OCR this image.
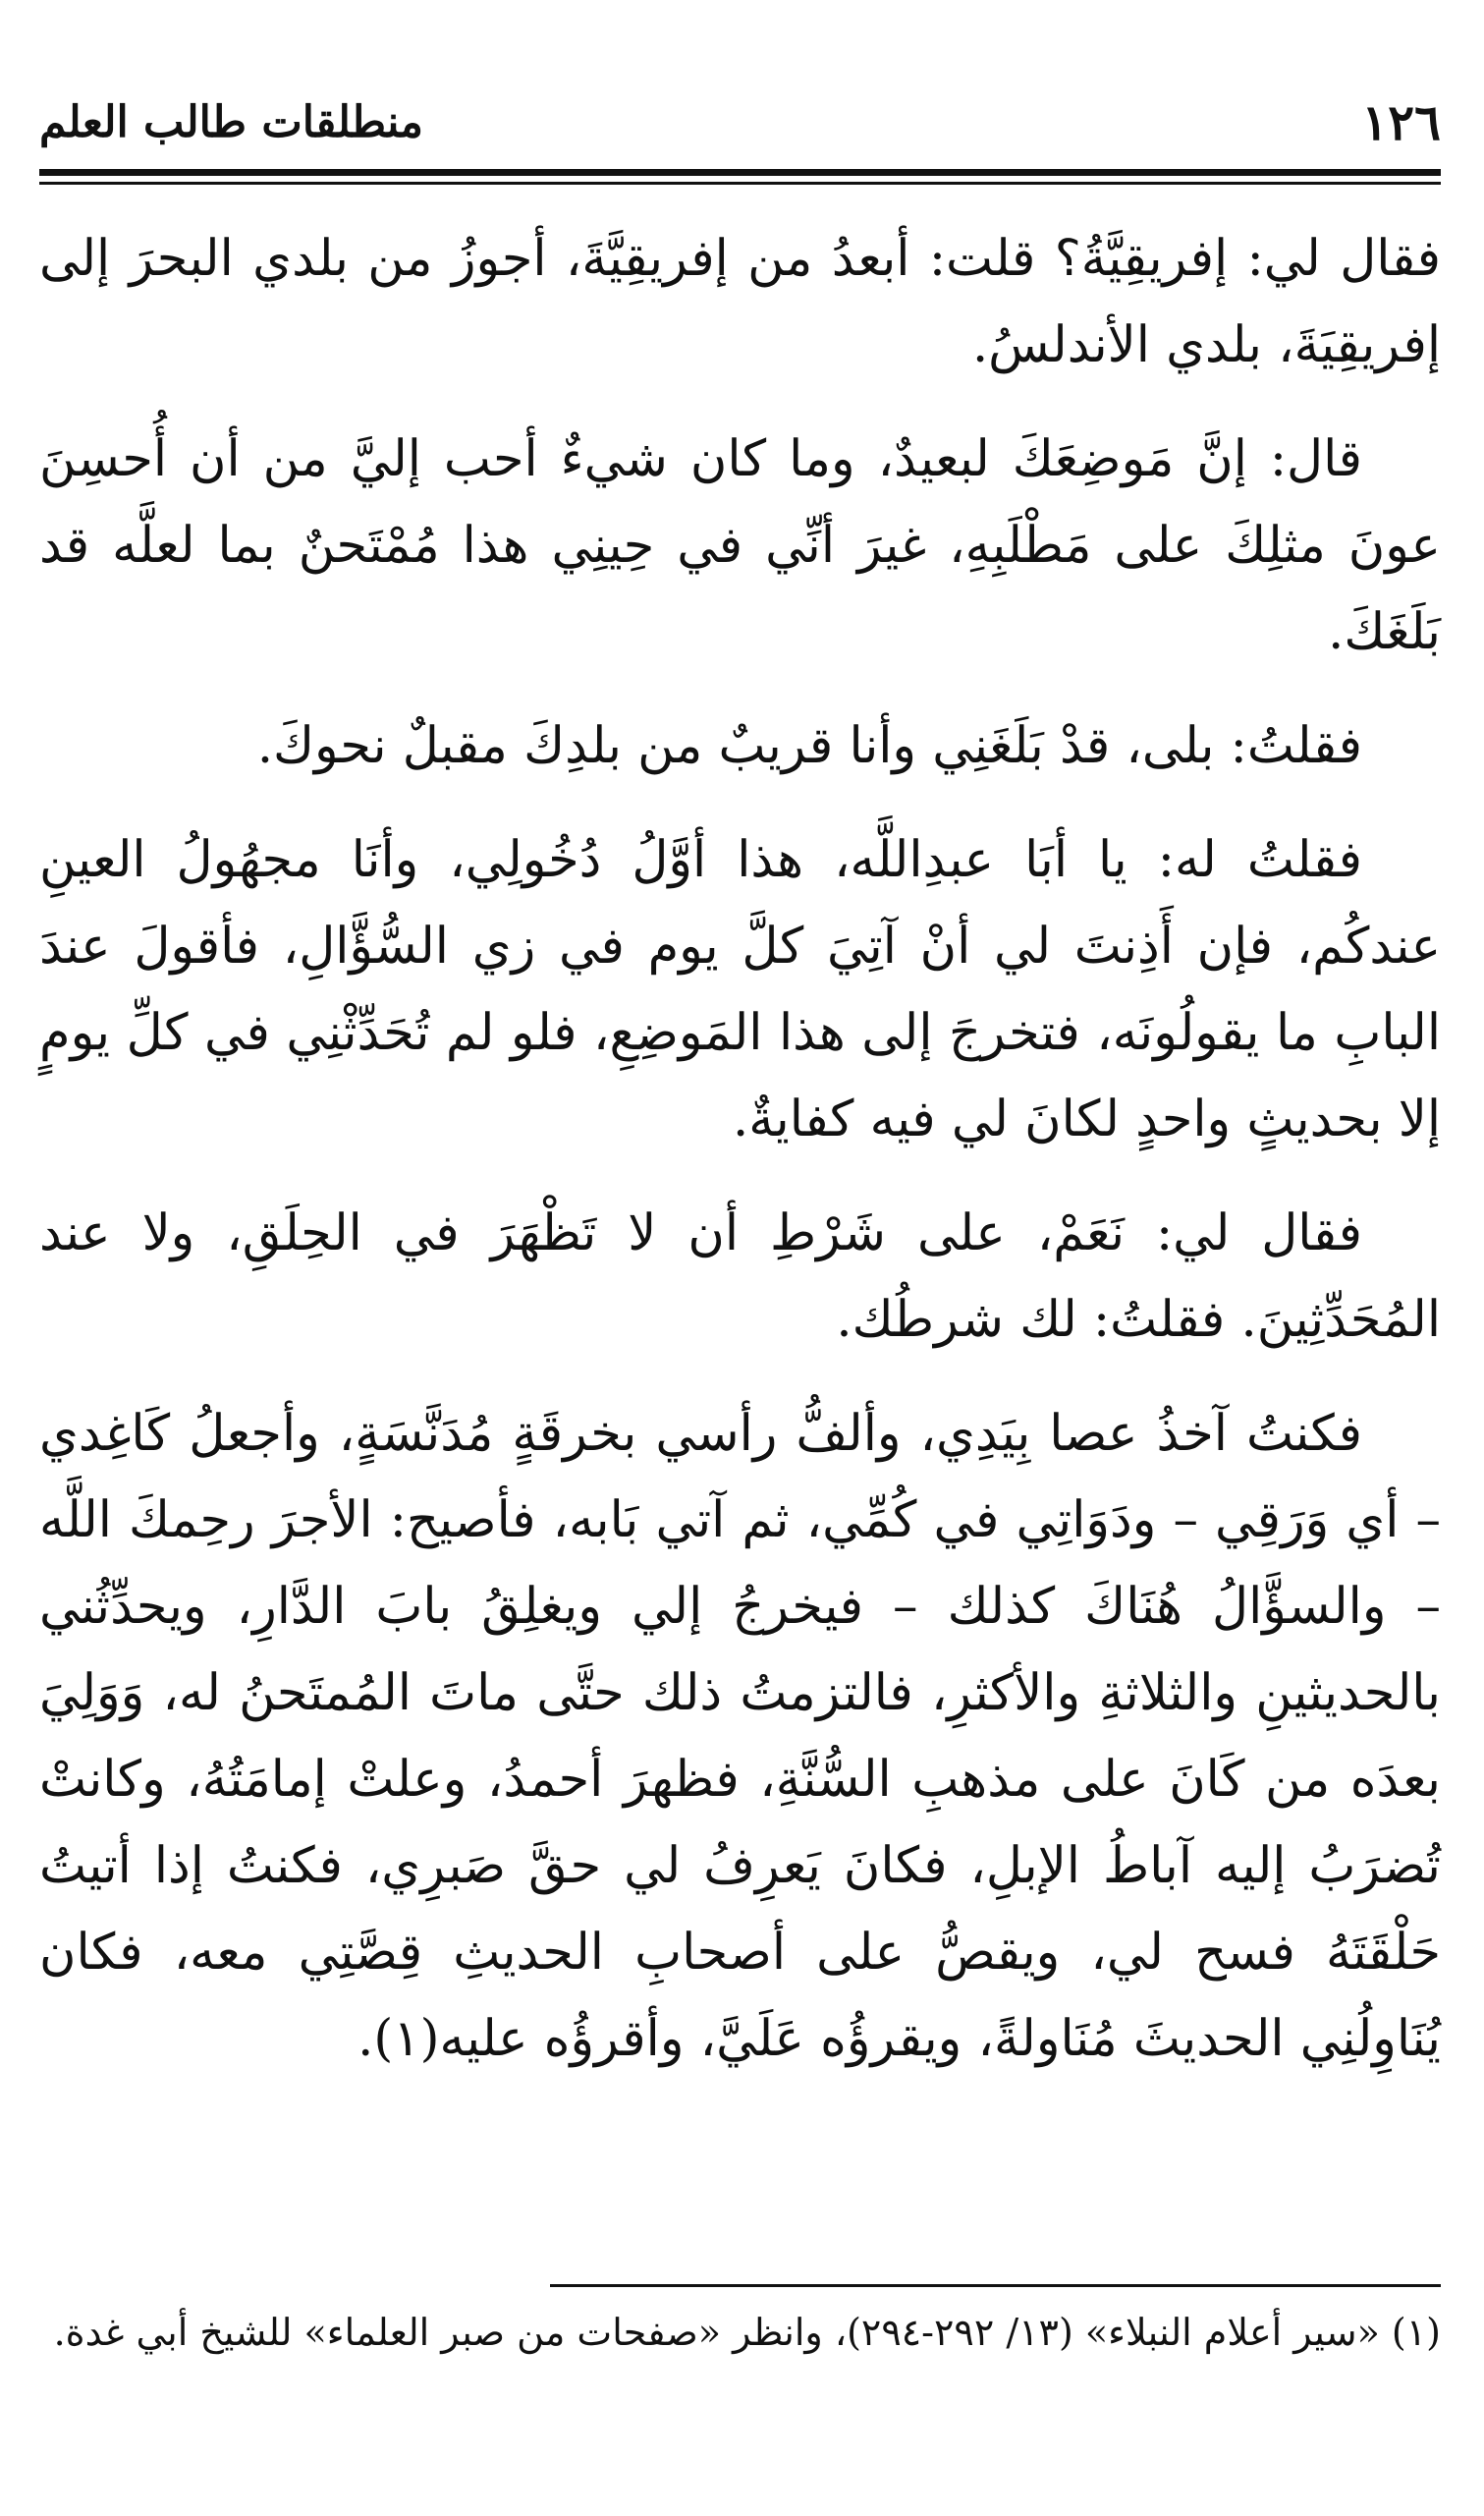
١٢٦
منطلقات طالب العلم

فقال لي: إفريقِيَّةُ؟ قلت: أبعدُ من إفريقِيَّةَ، أجوزُ من بلدي البحرَ إلى إفريقِيَةَ، بلدي الأندلسُ.

قال: إنَّ مَوضِعَكَ لبعيدٌ، وما كان شيءٌ أحب إليَّ من أن أُحسِنَ عونَ مثلِكَ على مَطْلَبِهِ، غيرَ أنِّي في حِينِي هذا مُمْتَحنٌ بما لعلَّه قد بَلَغَكَ.

فقلتُ: بلى، قدْ بَلَغَنِي وأنا قريبٌ من بلدِكَ مقبلٌ نحوكَ.

فقلتُ له: يا أبَا عبدِاللَّه، هذا أوَّلُ دُخُولِي، وأنَا مجهُولُ العينِ عندكُم، فإن أَذِنتَ لي أنْ آتِيَ كلَّ يوم في زي السُّؤَّالِ، فأقولَ عندَ البابِ ما يقولُونَه، فتخرجَ إلى هذا المَوضِعِ، فلو لم تُحَدِّثْنِي في كلِّ يومٍ إلا بحديثٍ واحدٍ لكانَ لي فيه كفايةٌ.

فقال لي: نَعَمْ، على شَرْطِ أن لا تَظْهَرَ في الحِلَقِ، ولا عند المُحَدِّثِينَ. فقلتُ: لك شرطُك.

فكنتُ آخذُ عصا بِيَدِي، وألفُّ رأسي بخرقَةٍ مُدَنَّسَةٍ، وأجعلُ كَاغِدي – أي وَرَقِي – ودَوَاتِي في كُمِّي، ثم آتي بَابه، فأصيح: الأجرَ رحِمكَ اللَّه – والسؤَّالُ هُنَاكَ كذلك – فيخرجُ إلي ويغلِقُ بابَ الدَّارِ، ويحدِّثُني بالحديثينِ والثلاثةِ والأكثرِ، فالتزمتُ ذلك حتَّى ماتَ المُمتَحنُ له، وَوَلِيَ بعدَه من كَانَ على مذهبِ السُّنَّةِ، فظهرَ أحمدُ، وعلتْ إمامَتُهُ، وكانتْ تُضرَبُ إليه آباطُ الإبلِ، فكانَ يَعرِفُ لي حقَّ صَبرِي، فكنتُ إذا أتيتُ حَلْقَتَهُ فسح لي، ويقصُّ على أصحابِ الحديثِ قِصَّتِي معه، فكان يُنَاوِلُنِي الحديثَ مُنَاولةً، ويقرؤُه عَلَيَّ، وأقرؤُه عليه(١).

(١) «سير أعلام النبلاء» (١٣/ ٢٩٢-٢٩٤)، وانظر «صفحات من صبر العلماء» للشيخ أبي غدة.
